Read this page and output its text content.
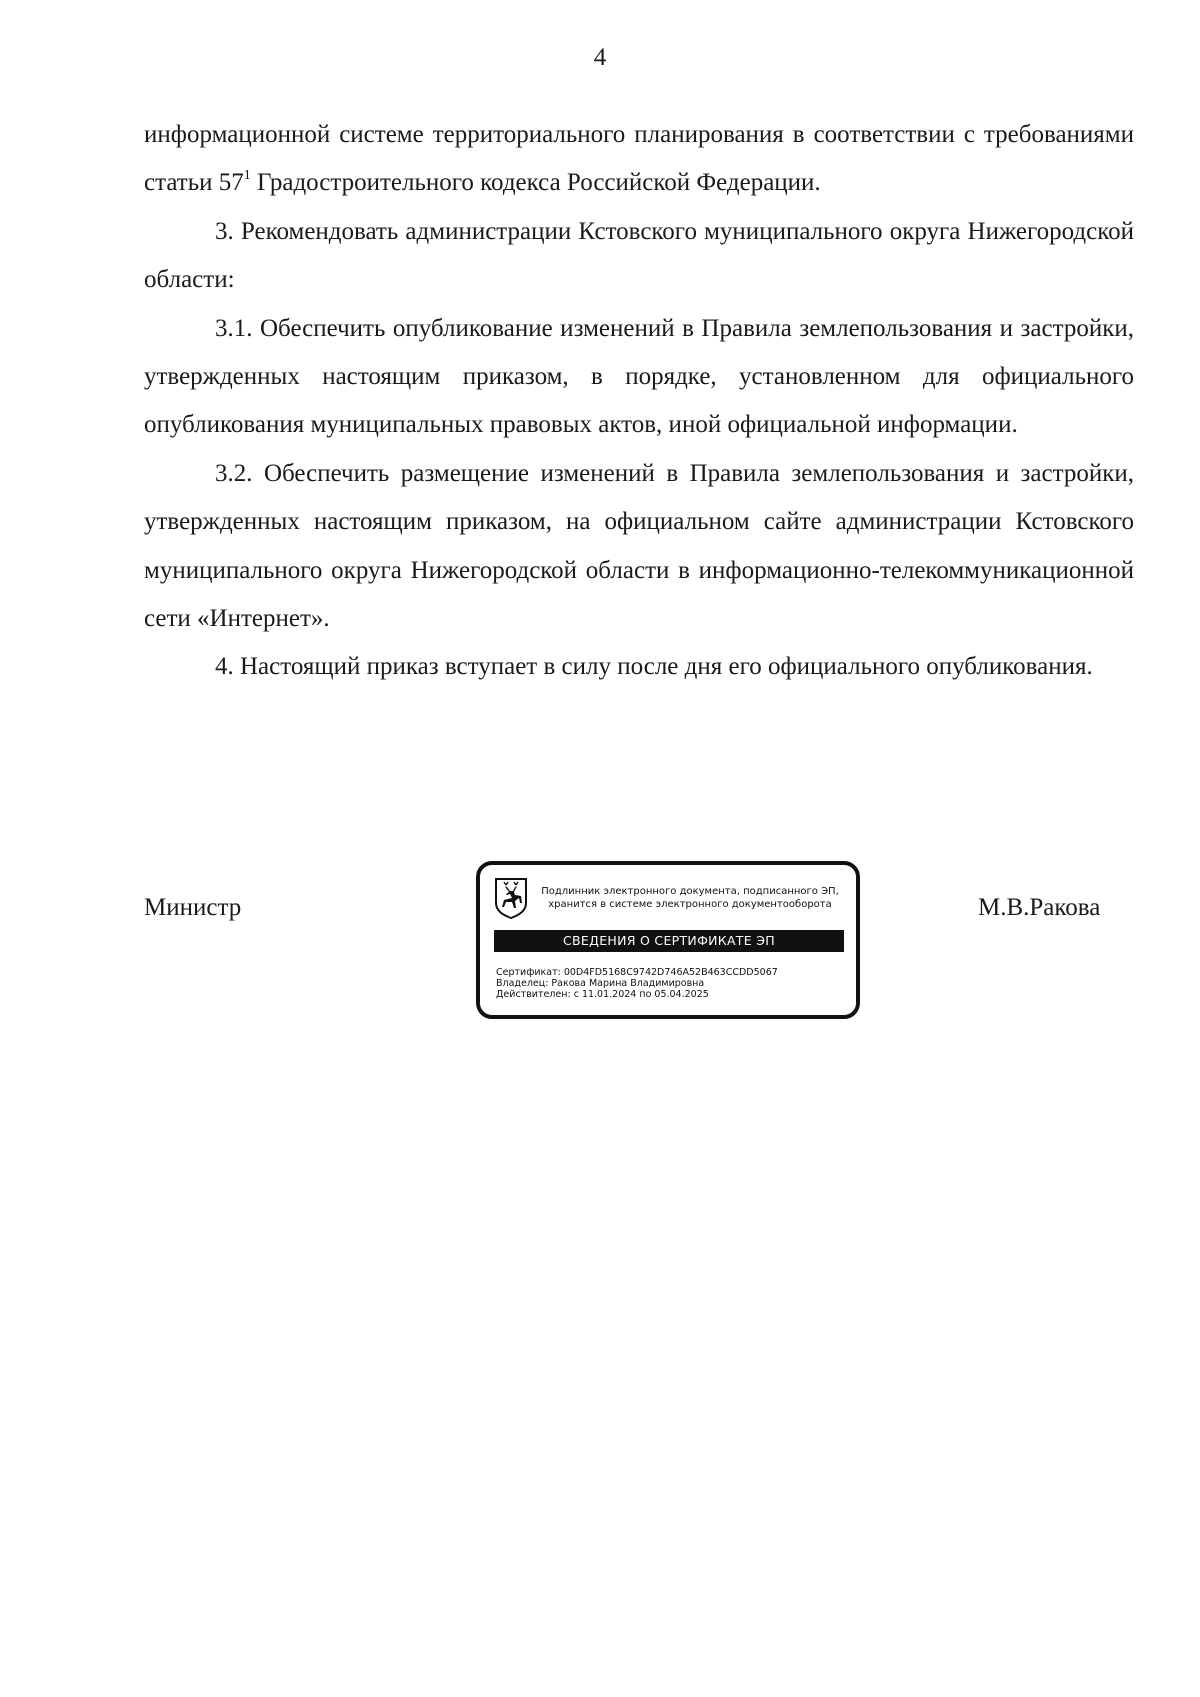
4

информационной системе территориального планирования в соответствии с требованиями статьи $57^1$ Градостроительного кодекса Российской Федерации.

3. Рекомендовать администрации Кстовского муниципального округа Нижегородской области:

3.1. Обеспечить опубликование изменений в Правила землепользования и застройки, утвержденных настоящим приказом, в порядке, установленном для официального опубликования муниципальных правовых актов, иной официальной информации.

3.2. Обеспечить размещение изменений в Правила землепользования и застройки, утвержденных настоящим приказом, на официальном сайте администрации Кстовского муниципального округа Нижегородской области в информационно-телекоммуникационной сети «Интернет».

4. Настоящий приказ вступает в силу после дня его официального опубликования.

Министр	М.В.Ракова
Подлинник электронного документа, подписанного ЭП,
хранится в системе электронного документооборота
СВЕДЕНИЯ О СЕРТИФИКАТЕ ЭП
Сертификат: 00D4FD5168C9742D746A52B463CCDD5067
Владелец: Ракова Марина Владимировна
Действителен: с 11.01.2024 по 05.04.2025
